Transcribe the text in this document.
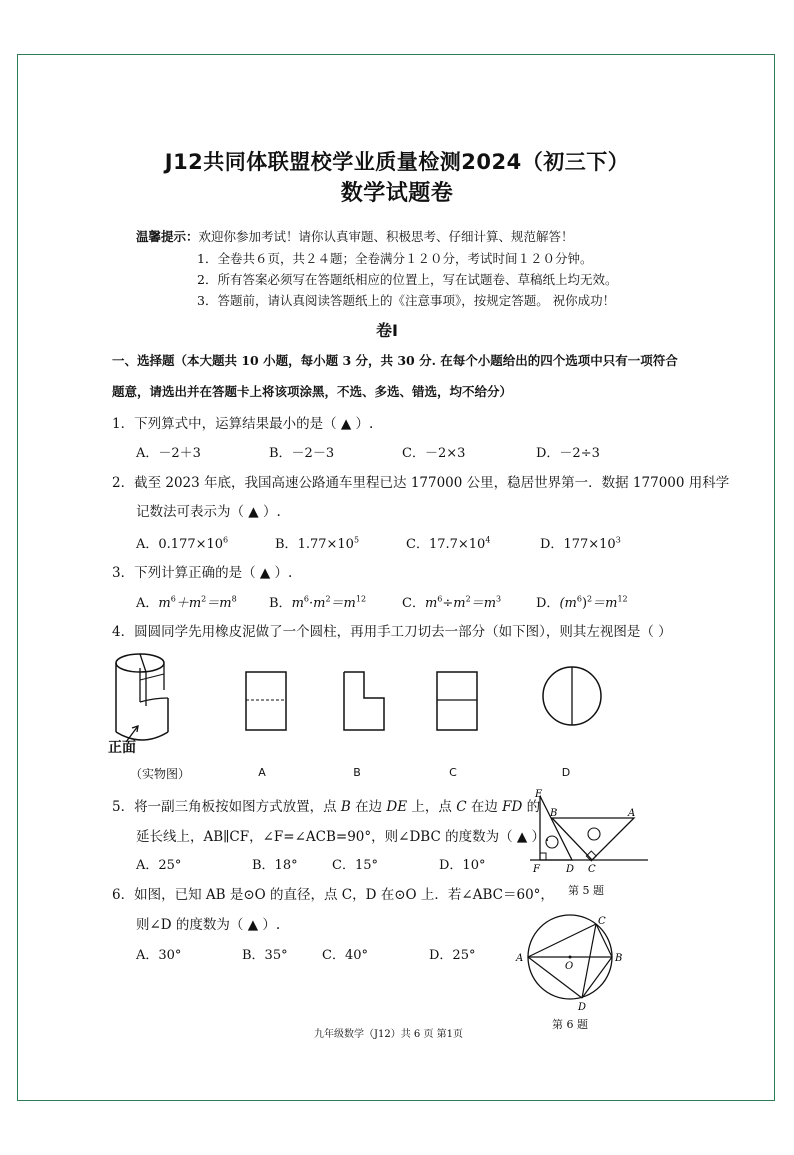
J12共同体联盟校学业质量检测2024（初三下）
数学试题卷
温馨提示：欢迎你参加考试！请你认真审题、积极思考、仔细计算、规范解答！
1．全卷共６页，共２４题；全卷满分１２０分，考试时间１２０分钟。
2．所有答案必须写在答题纸相应的位置上，写在试题卷、草稿纸上均无效。
3．答题前，请认真阅读答题纸上的《注意事项》，按规定答题。 祝你成功！
卷Ⅰ
一、选择题（本大题共 10 小题，每小题 3 分，共 30 分. 在每个小题给出的四个选项中只有一项符合
题意，请选出并在答题卡上将该项涂黑，不选、多选、错选，均不给分）
1．下列算式中，运算结果最小的是（ ▲ ）.
A．－2＋3	B．－2－3	C．－2×3	D．－2÷3
2．截至 2023 年底，我国高速公路通车里程已达 177000 公里，稳居世界第一．数据 177000 用科学
记数法可表示为（ ▲ ）.
A．$0.177\times 10^6$	B．$1.77\times 10^5$	C．$17.7\times 10^4$	D．$177\times 10^3$
3．下列计算正确的是（ ▲ ）.
A．$m^6+m^2=m^8$ B．$m^6\cdot m^2=m^{12}$	C．$m^6\div m^2=m^3$	D．$(m^6)^2=m^{12}$
4．圆圆同学先用橡皮泥做了一个圆柱，再用手工刀切去一部分（如下图），则其左视图是（ ）
正面
（实物图）	A	B	C	D
5．将一副三角板按如图方式放置，点 B 在边 DE 上，点 C 在边 FD 的
延长线上，AB∥CF，∠F=∠ACB=90°，则∠DBC 的度数为（ ▲ ）.
A．25°	B．18°	C．15°	D．10°
E
B	A
F	D C
第 5 题
6．如图，已知 AB 是⊙O 的直径，点 C，D 在⊙O 上．若∠ABC＝60°，
则∠D 的度数为（ ▲ ）.
A．30°	B．35°	C．40°	D．25°	A	B
C
D
O
第 6 题
九年级数学（J12）共 6 页 第1页
